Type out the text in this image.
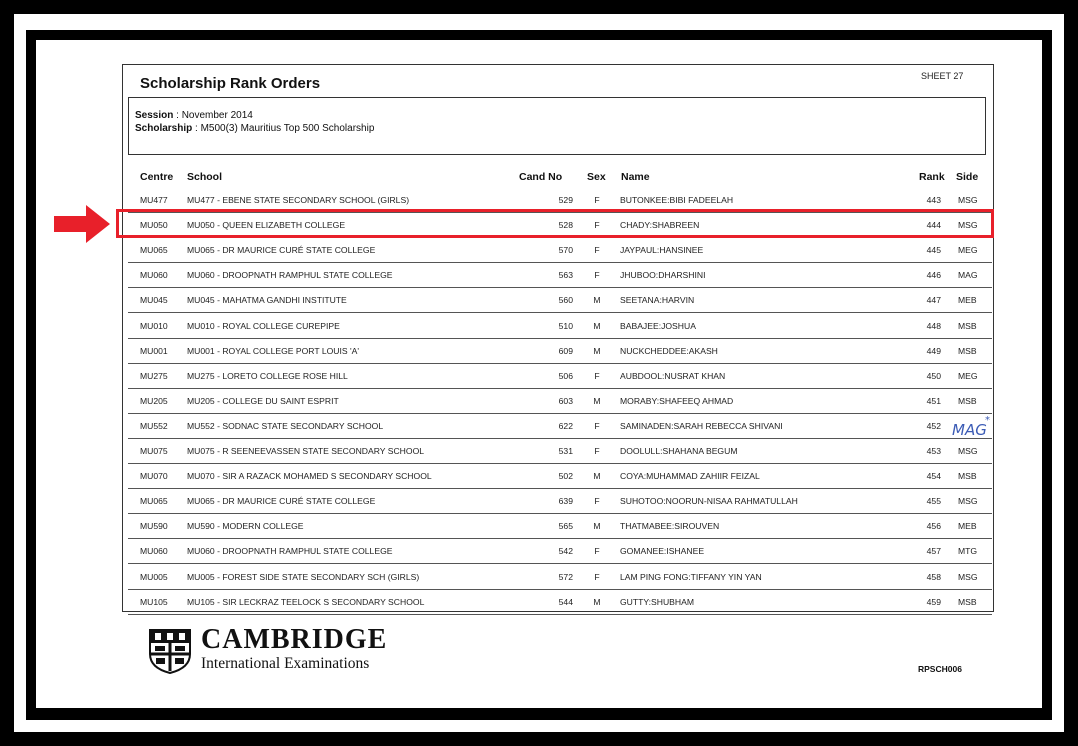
Scholarship Rank Orders	SHEET 27
Session : November 2014
Scholarship : M500(3) Mauritius Top 500 Scholarship
Centre School	Cand No Sex Name	Rank Side
MU477 MU477 - EBENE STATE SECONDARY SCHOOL (GIRLS)	529	F	BUTONKEE:BIBI FADEELAH	443 MSG
MU050 MU050 - QUEEN ELIZABETH COLLEGE	528	F	CHADY:SHABREEN	444 MSG
MU065 MU065 - DR MAURICE CURÉ STATE COLLEGE	570	F	JAYPAUL:HANSINEE	445 MEG
MU060 MU060 - DROOPNATH RAMPHUL STATE COLLEGE	563	F	JHUBOO:DHARSHINI	446 MAG
MU045 MU045 - MAHATMA GANDHI INSTITUTE	560 M SEETANA:HARVIN	447 MEB
MU010 MU010 - ROYAL COLLEGE CUREPIPE	510 M BABAJEE:JOSHUA	448 MSB
MU001 MU001 - ROYAL COLLEGE PORT LOUIS 'A'	609 M NUCKCHEDDEE:AKASH	449 MSB
MU275 MU275 - LORETO COLLEGE ROSE HILL	506	F	AUBDOOL:NUSRAT KHAN	450 MEG
MU205 MU205 - COLLEGE DU SAINT ESPRIT	603 M MORABY:SHAFEEQ AHMAD	451 MSB
MU552 MU552 - SODNAC STATE SECONDARY SCHOOL	622	F	SAMINADEN:SARAH REBECCA SHIVANI	452
MU075 MU075 - R SEENEEVASSEN STATE SECONDARY SCHOOL	531	F	DOOLULL:SHAHANA BEGUM	453 MSG
MU070 MU070 - SIR A RAZACK MOHAMED S SECONDARY SCHOOL	502 M COYA:MUHAMMAD ZAHIIR FEIZAL	454 MSB
MU065 MU065 - DR MAURICE CURÉ STATE COLLEGE	639	F	SUHOTOO:NOORUN-NISAA RAHMATULLAH	455 MSG
MU590 MU590 - MODERN COLLEGE	565 M THATMABEE:SIROUVEN	456 MEB
MU060 MU060 - DROOPNATH RAMPHUL STATE COLLEGE	542	F	GOMANEE:ISHANEE	457 MTG
MU005 MU005 - FOREST SIDE STATE SECONDARY SCH (GIRLS)	572	F	LAM PING FONG:TIFFANY YIN YAN	458 MSG
MU105 MU105 - SIR LECKRAZ TEELOCK S SECONDARY SCHOOL	544 M GUTTY:SHUBHAM	459 MSB
MAG
*
CAMBRIDGE
International Examinations	RPSCH006
